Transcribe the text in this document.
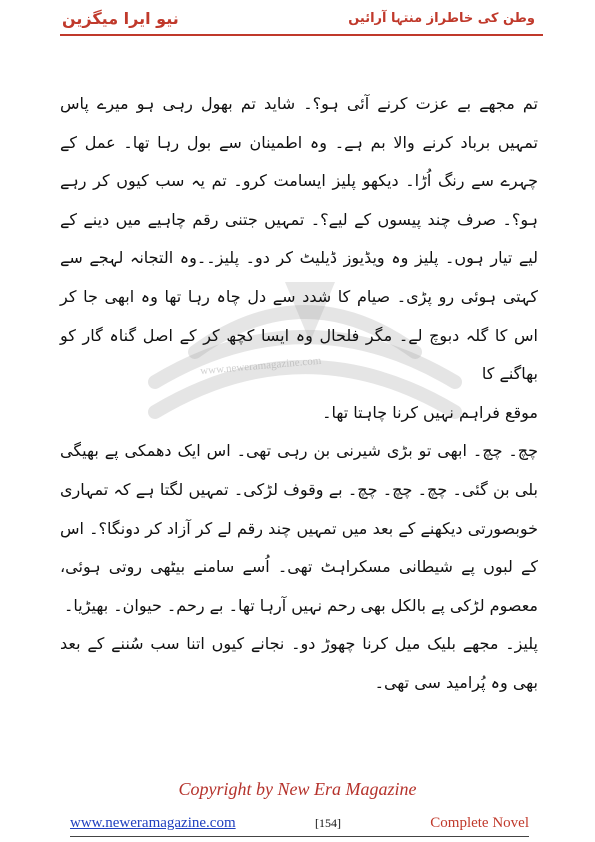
نیو ایرا میگزین	وطن کی خاطراز منتہا آرائیں
www.neweramagazine.com

تم مجھے بے عزت کرنے آئی ہو؟۔ شاید تم بھول رہی ہو میرے پاس تمہیں برباد کرنے والا بم ہے۔ وہ اطمینان سے بول رہا تھا۔ عمل کے چہرے سے رنگ اُڑا۔ دیکھو پلیز ایسامت کرو۔ تم یہ سب کیوں کر رہے ہو؟۔ صرف چند پیسوں کے لیے؟۔ تمہیں جتنی رقم چاہیے میں دینے کے لیے تیار ہوں۔ پلیز وہ ویڈیوز ڈیلیٹ کر دو۔ پلیز۔۔وہ التجانہ لہجے سے کہتی ہوئی رو پڑی۔ صیام کا شدد سے دل چاہ رہا تھا وہ ابھی جا کر اس کا گلہ دبوچ لے۔ مگر فلحال وہ ایسا کچھ کر کے اصل گناہ گار کو بھاگنے کا

موقع فراہم نہیں کرنا چاہتا تھا۔

چچ۔ چچ۔ ابھی تو بڑی شیرنی بن رہی تھی۔ اس ایک دھمکی پے بھیگی بلی بن گئی۔ چچ۔ چچ۔ چچ۔ بے وقوف لڑکی۔ تمہیں لگتا ہے کہ تمہاری خوبصورتی دیکھنے کے بعد میں تمہیں چند رقم لے کر آزاد کر دونگا؟۔ اس کے لبوں پے شیطانی مسکراہٹ تھی۔ اُسے سامنے بیٹھی روتی ہوئی، معصوم لڑکی پے بالکل بھی رحم نہیں آرہا تھا۔ بے رحم۔ حیوان۔ بھیڑیا۔

پلیز۔ مجھے بلیک میل کرنا چھوڑ دو۔ نجانے کیوں اتنا سب سُننے کے بعد بھی وہ پُرامید سی تھی۔

Copyright by New Era Magazine
www.neweramagazine.com	[154]	Complete Novel
